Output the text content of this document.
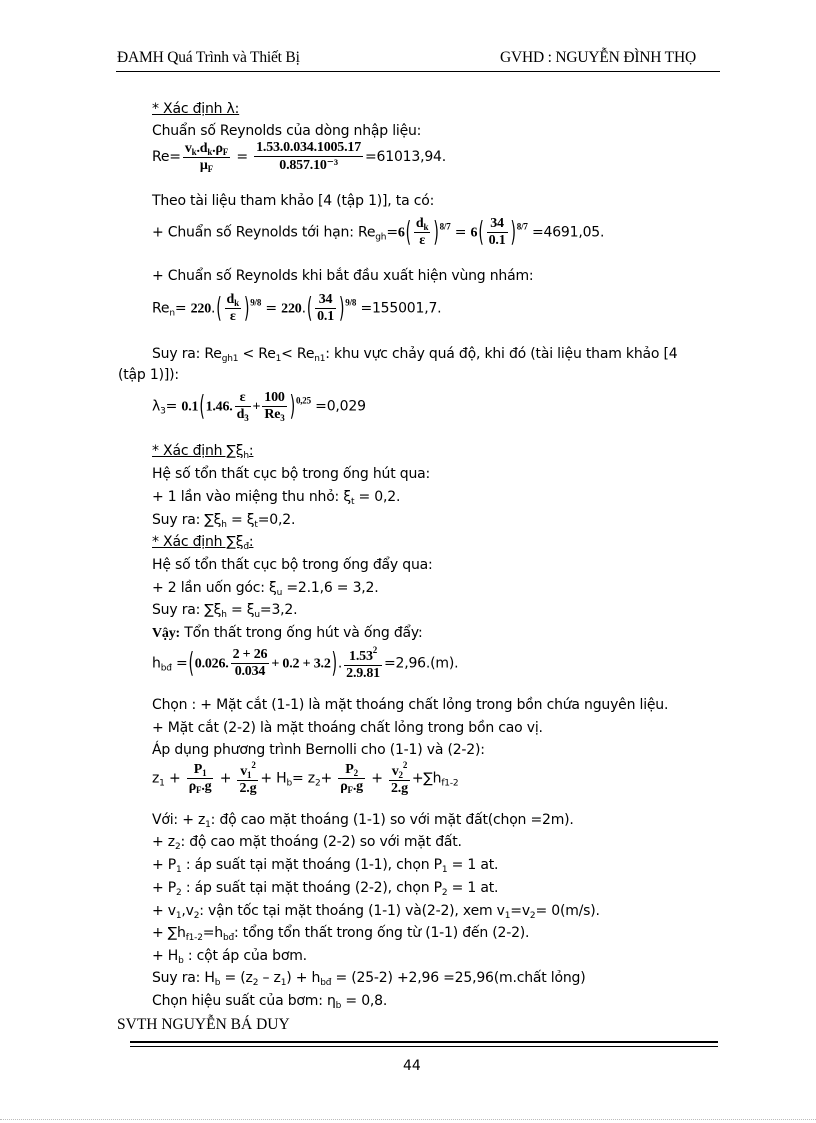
ĐAMH Quá Trình và Thiết Bị	GVHD : NGUYỄN ĐÌNH THỌ
* Xác định λ:
Chuẩn số Reynolds của dòng nhập liệu:
$Re= \frac{v_k.d_k.\rho_F}{\mu_F} = \frac{1.53.0.034.1005.17}{\text{0.857.10⁻³}} =61013,94$.
Theo tài liệu tham khảo [4 (tập 1)], ta có:
+ Chuẩn số Reynolds tới hạn: $Re_{gh}=6( \frac{d_k}{\varepsilon} )^{8/7} = 6( \frac{34}{0.1} )^{8/7} =4691,05$.
+ Chuẩn số Reynolds khi bắt đầu xuất hiện vùng nhám:
$Re_n= 220.( \frac{d_k}{\varepsilon} )^{9/8} = 220.( \frac{34}{0.1} )^{9/8} =155001,7$.
Suy ra: $Re_{gh1} < Re_1< Re_{n1}$: khu vực chảy quá độ, khi đó (tài liệu tham khảo [4
(tập 1)]):
$\lambda_3= 0.1(1.46$. $\frac{\varepsilon}{d_3} + \frac{100}{Re_3} )^{0,25} =0,029$
* Xác định $\sum\xi_h$:
Hệ số tổn thất cục bộ trong ống hút qua:
+ 1 lần vào miệng thu nhỏ: $\xi_t = 0,2$.
Suy ra: $\sum\xi_h = \xi_t=0,2$.
* Xác định $\sum\xi_đ$:
Hệ số tổn thất cục bộ trong ống đẩy qua:
+ 2 lần uốn góc: $\xi_u =2.1,6 = 3,2$.
Suy ra: $\sum\xi_h = \xi_u=3,2$.
Vậy: Tổn thất trong ống hút và ống đẩy:
$h_{bđ} =(0.026$. $\frac{2 + 26}{0.034} + 0.2 + 3.2$). $\frac{1.53^2}{2.9.81} =2,96.(m)$.
Chọn : + Mặt cắt (1-1) là mặt thoáng chất lỏng trong bồn chứa nguyên liệu.
+ Mặt cắt (2-2) là mặt thoáng chất lỏng trong bồn cao vị.
Áp dụng phương trình Bernolli cho (1-1) và (2-2):
$z_1 + \frac{P_1}{\rho_F.g} + \frac{v_1^2}{2.g} + H_b= z_2+ \frac{P_2}{\rho_F.g} + \frac{v_2^2}{2.g} +\sum h_{f1-2}$
Với: + $z_1$: độ cao mặt thoáng (1-1) so với mặt đất(chọn =2m).
+ $z_2$: độ cao mặt thoáng (2-2) so với mặt đất.
+ $P_1$ : áp suất tại mặt thoáng (1-1), chọn $P_1 = 1$ at.
+ $P_2$ : áp suất tại mặt thoáng (2-2), chọn $P_2 = 1$ at.
+ $v_1,v_2$: vận tốc tại mặt thoáng (1-1) và(2-2), xem $v_1=v_2= 0(m/s)$.
+ $\sum h_{f1-2}=h_{bđ}$: tổng tổn thất trong ống từ (1-1) đến (2-2).
+ $H_b$ : cột áp của bơm.
Suy ra: $H_b = (z_2 - z_1) + h_{bđ} = (25-2) +2,96$ =25,96(m.chất lỏng)
Chọn hiệu suất của bơm: $\eta_b = 0,8$.
SVTH NGUYỄN BÁ DUY
44
